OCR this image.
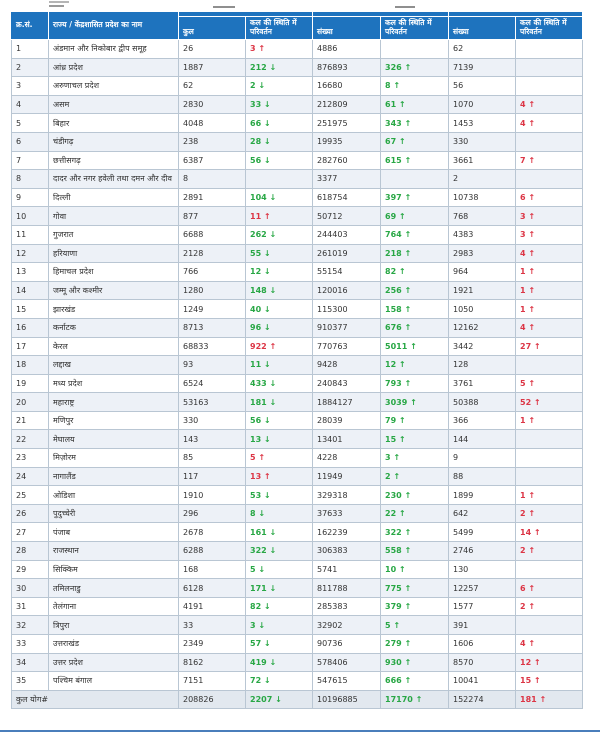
क्र.सं.	राज्य / केंद्रशासित प्रदेश का नाम						
		कुल	कल की स्थिति में परिवर्तन	संख्या	कल की स्थिति में परिवर्तन	संख्या	कल की स्थिति में परिवर्तन
1	अंडमान और निकोबार द्वीप समूह	26	3 ↑	4886		62	
2	आंध्र प्रदेश	1887	212 ↓	876893	326 ↑	7139	
3	अरुणाचल प्रदेश	62	2 ↓	16680	8 ↑	56	
4	असम	2830	33 ↓	212809	61 ↑	1070	4 ↑
5	बिहार	4048	66 ↓	251975	343 ↑	1453	4 ↑
6	चंडीगढ़	238	28 ↓	19935	67 ↑	330	
7	छत्तीसगढ़	6387	56 ↓	282760	615 ↑	3661	7 ↑
8	दादर और नगर हवेली तथा दमन और दीव	8		3377		2	
9	दिल्ली	2891	104 ↓	618754	397 ↑	10738	6 ↑
10	गोवा	877	11 ↑	50712	69 ↑	768	3 ↑
11	गुजरात	6688	262 ↓	244403	764 ↑	4383	3 ↑
12	हरियाणा	2128	55 ↓	261019	218 ↑	2983	4 ↑
13	हिमाचल प्रदेश	766	12 ↓	55154	82 ↑	964	1 ↑
14	जम्मू और कश्मीर	1280	148 ↓	120016	256 ↑	1921	1 ↑
15	झारखंड	1249	40 ↓	115300	158 ↑	1050	1 ↑
16	कर्नाटक	8713	96 ↓	910377	676 ↑	12162	4 ↑
17	केरल	68833	922 ↑	770763	5011 ↑	3442	27 ↑
18	लद्दाख	93	11 ↓	9428	12 ↑	128	
19	मध्य प्रदेश	6524	433 ↓	240843	793 ↑	3761	5 ↑
20	महाराष्ट्र	53163	181 ↓	1884127	3039 ↑	50388	52 ↑
21	मणिपुर	330	56 ↓	28039	79 ↑	366	1 ↑
22	मेघालय	143	13 ↓	13401	15 ↑	144	
23	मिज़ोरम	85	5 ↑	4228	3 ↑	9	
24	नागालैंड	117	13 ↑	11949	2 ↑	88	
25	ओडिशा	1910	53 ↓	329318	230 ↑	1899	1 ↑
26	पुदुच्चेरी	296	8 ↓	37633	22 ↑	642	2 ↑
27	पंजाब	2678	161 ↓	162239	322 ↑	5499	14 ↑
28	राजस्थान	6288	322 ↓	306383	558 ↑	2746	2 ↑
29	सिक्किम	168	5 ↓	5741	10 ↑	130	
30	तमिलनाडु	6128	171 ↓	811788	775 ↑	12257	6 ↑
31	तेलंगाना	4191	82 ↓	285383	379 ↑	1577	2 ↑
32	त्रिपुरा	33	3 ↓	32902	5 ↑	391	
33	उत्तराखंड	2349	57 ↓	90736	279 ↑	1606	4 ↑
34	उत्तर प्रदेश	8162	419 ↓	578406	930 ↑	8570	12 ↑
35	पश्चिम बंगाल	7151	72 ↓	547615	666 ↑	10041	15 ↑
कुल योग#		208826	2207 ↓	10196885	17170 ↑	152274	181 ↑
